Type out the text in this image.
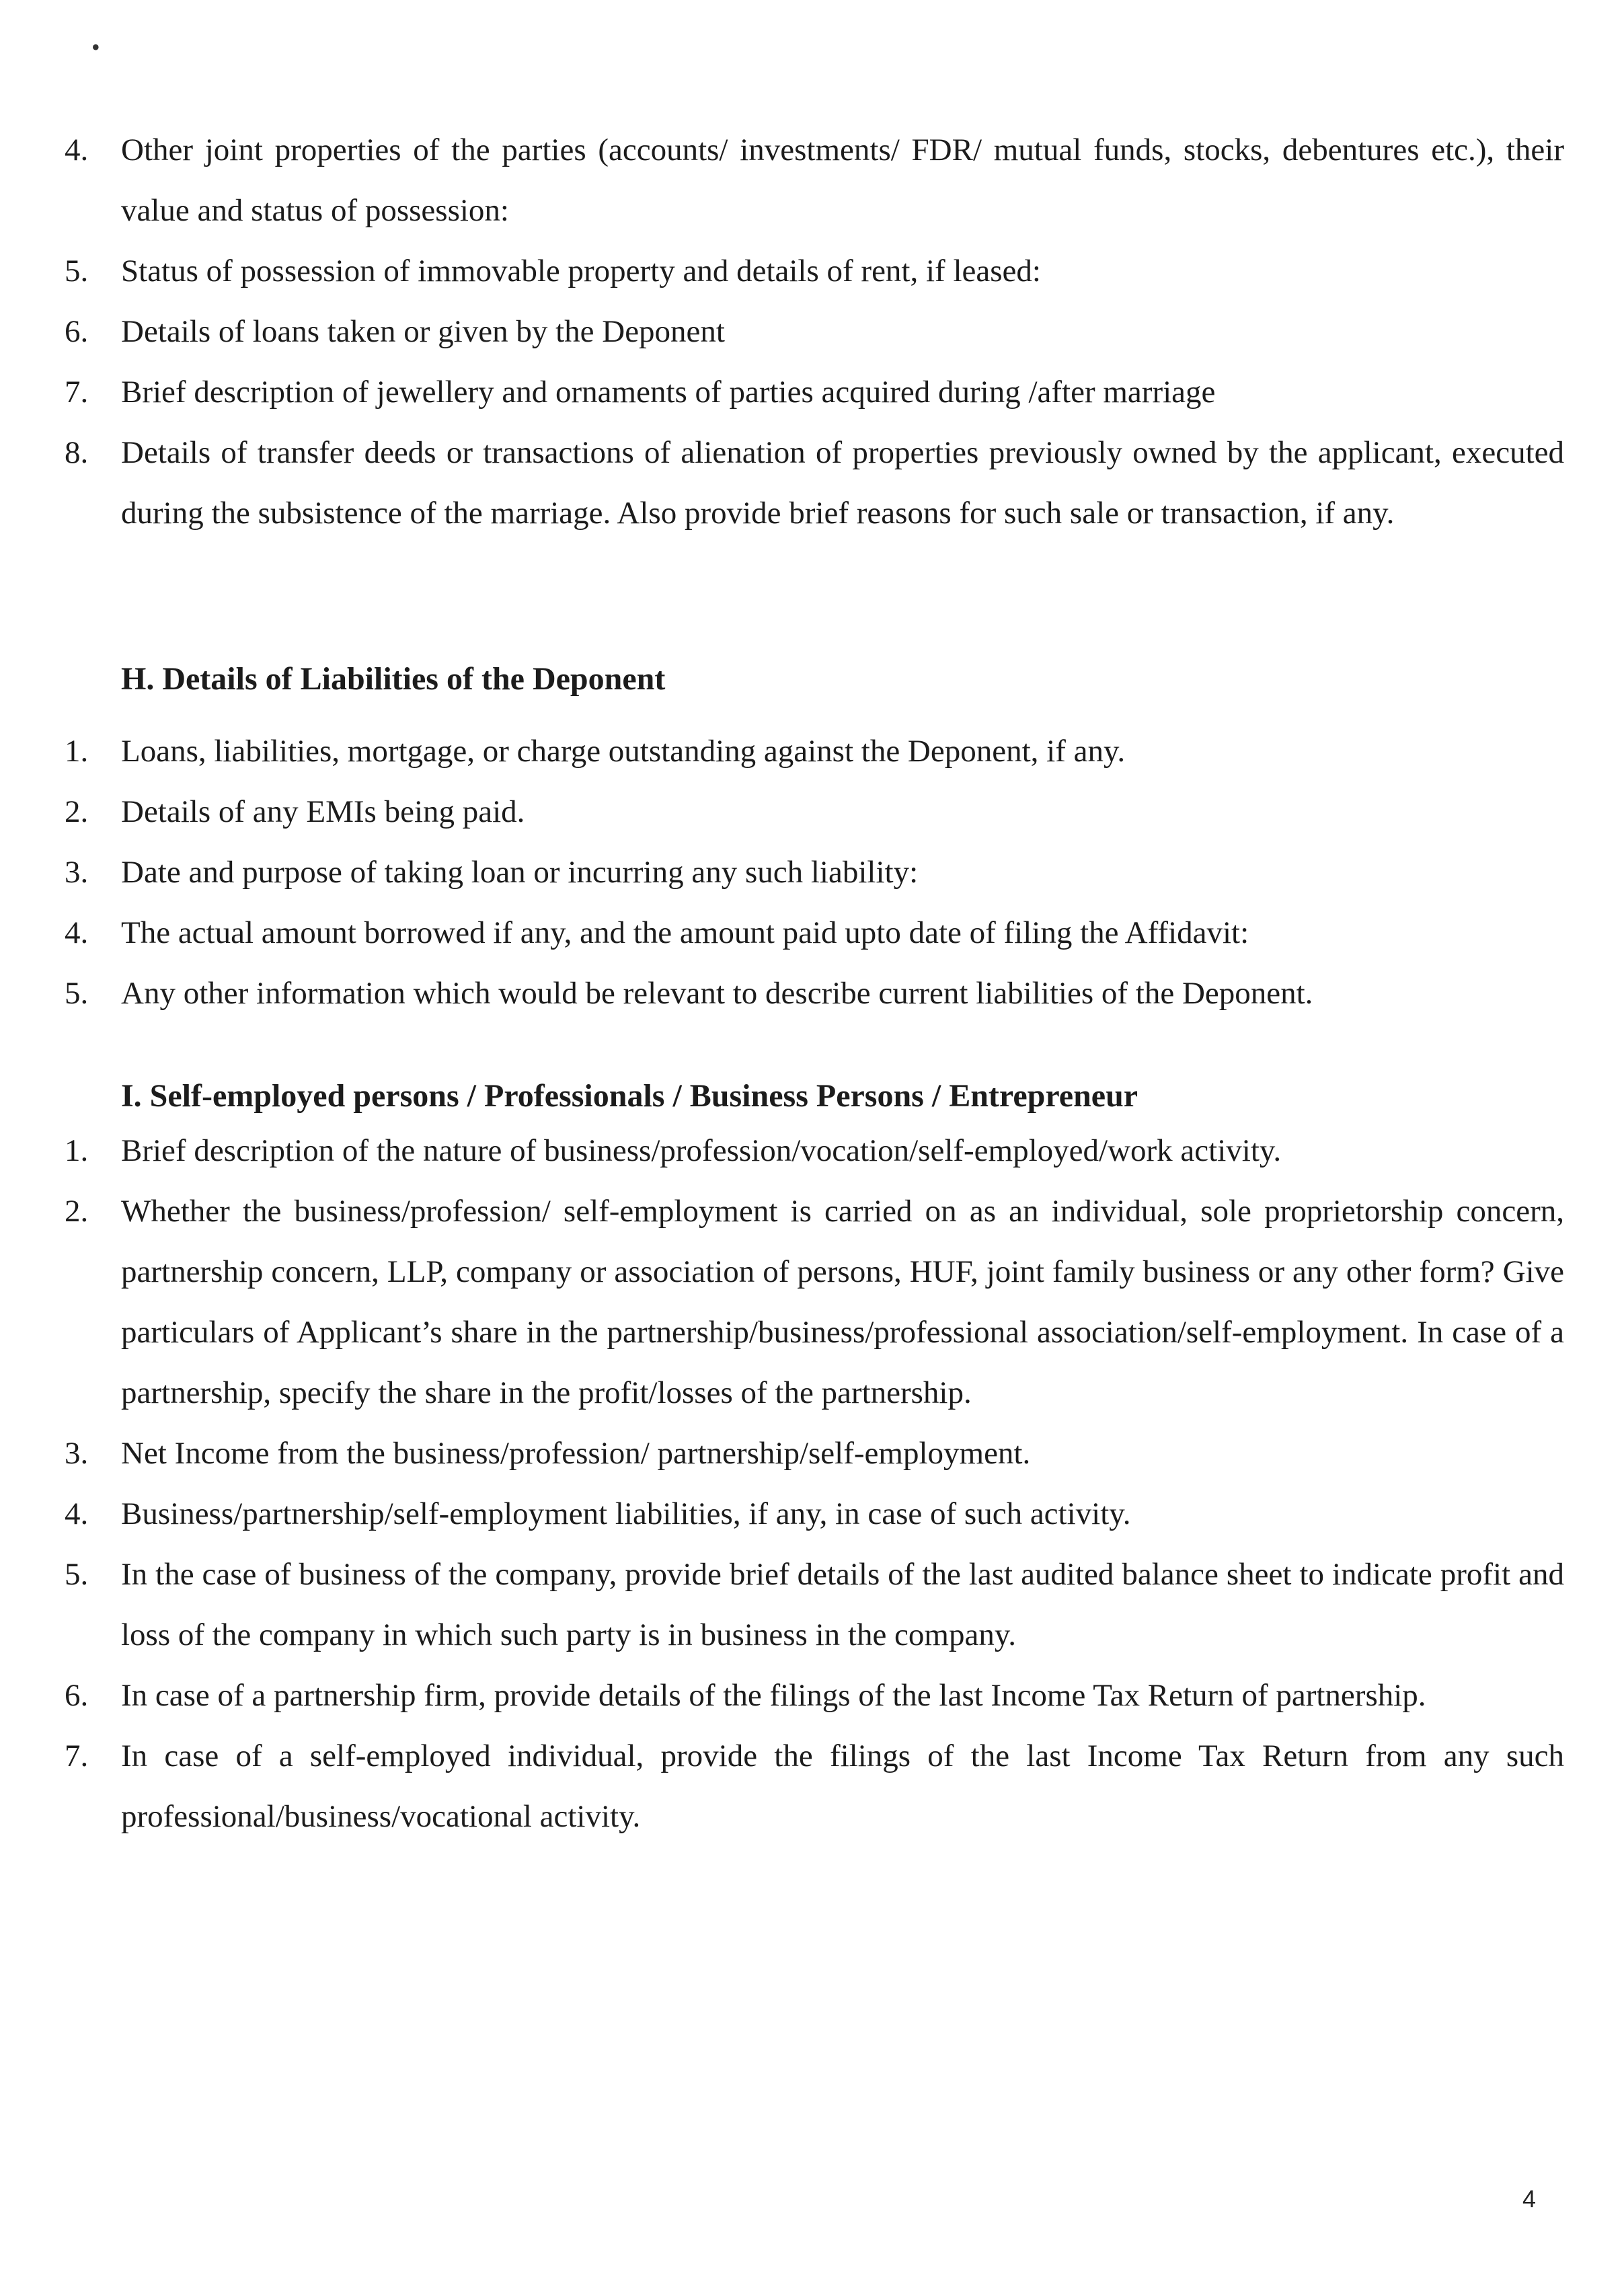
•
4.	Other joint properties of the parties (accounts/ investments/ FDR/ mutual funds, stocks, debentures etc.), their value and status of possession:
5.	Status of possession of immovable property and details of rent, if leased:
6.	Details of loans taken or given by the Deponent
7.	Brief description of jewellery and ornaments of parties acquired during /after marriage
8.	Details of transfer deeds or transactions of alienation of properties previously owned by the applicant, executed during the subsistence of the marriage. Also provide brief reasons for such sale or transaction, if any.
H. Details of Liabilities of the Deponent
1.	Loans, liabilities, mortgage, or charge outstanding against the Deponent, if any.
2.	Details of any EMIs being paid.
3.	Date and purpose of taking loan or incurring any such liability:
4.	The actual amount borrowed if any, and the amount paid upto date of filing the Affidavit:
5.	Any other information which would be relevant to describe current liabilities of the Deponent.
I. Self-employed persons / Professionals / Business Persons / Entrepreneur
1.	Brief description of the nature of business/profession/vocation/self-employed/work activity.
2.	Whether the business/profession/ self-employment is carried on as an individual, sole proprietorship concern, partnership concern, LLP, company or association of persons, HUF, joint family business or any other form? Give particulars of Applicant’s share in the partnership/business/professional association/self-employment. In case of a partnership, specify the share in the profit/losses of the partnership.
3.	Net Income from the business/profession/ partnership/self-employment.
4.	Business/partnership/self-employment liabilities, if any, in case of such activity.
5.	In the case of business of the company, provide brief details of the last audited balance sheet to indicate profit and loss of the company in which such party is in business in the company.
6.	In case of a partnership firm, provide details of the filings of the last Income Tax Return of partnership.
7.	In case of a self-employed individual, provide the filings of the last Income Tax Return from any such professional/business/vocational activity.
4
